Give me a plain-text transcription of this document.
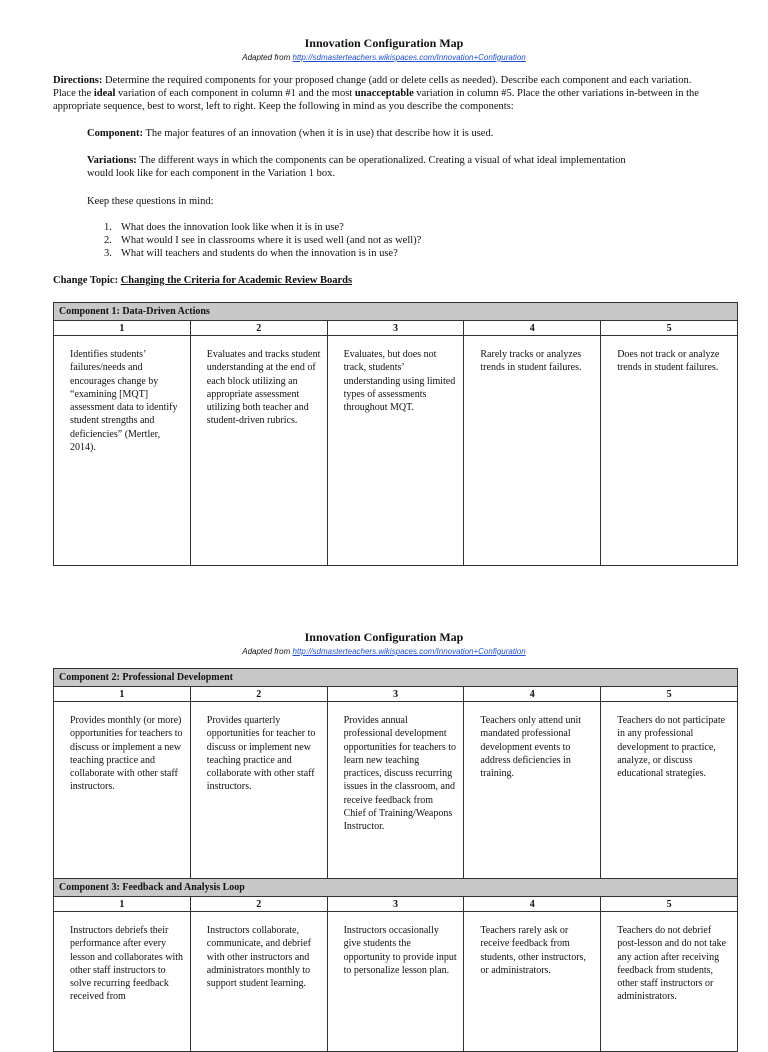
Innovation Configuration Map

Adapted from http://sdmasterteachers.wikispaces.com/Innovation+Configuration
Directions: Determine the required components for your proposed change (add or delete cells as needed). Describe each component and each variation. Place the ideal variation of each component in column #1 and the most unacceptable variation in column #5. Place the other variations in-between in the appropriate sequence, best to worst, left to right. Keep the following in mind as you describe the components:
Component: The major features of an innovation (when it is in use) that describe how it is used.
Variations: The different ways in which the components can be operationalized. Creating a visual of what ideal implementation would look like for each component in the Variation 1 box.
Keep these questions in mind:
1. What does the innovation look like when it is in use?
2. What would I see in classrooms where it is used well (and not as well)?
3. What will teachers and students do when the innovation is in use?
Change Topic: Changing the Criteria for Academic Review Boards
Component 1: Data-Driven Actions				
1	2	3	4	5
Identifies students’ failures/needs and encourages change by “examining [MQT] assessment data to identify student strengths and deficiencies” (Mertler, 2014).	Evaluates and tracks student understanding at the end of each block utilizing an appropriate assessment utilizing both teacher and student-driven rubrics.	Evaluates, but does not track, students’ understanding using limited types of assessments throughout MQT.	Rarely tracks or analyzes trends in student failures.	Does not track or analyze trends in student failures.

Innovation Configuration Map

Adapted from http://sdmasterteachers.wikispaces.com/Innovation+Configuration
Component 2: Professional Development				
1	2	3	4	5
Provides monthly (or more) opportunities for teachers to discuss or implement a new teaching practice and collaborate with other staff instructors.	Provides quarterly opportunities for teacher to discuss or implement new teaching practice and collaborate with other staff instructors.	Provides annual professional development opportunities for teachers to learn new teaching practices, discuss recurring issues in the classroom, and receive feedback from Chief of Training/Weapons Instructor.	Teachers only attend unit mandated professional development events to address deficiencies in training.	Teachers do not participate in any professional development to practice, analyze, or discuss educational strategies.
Component 3: Feedback and Analysis Loop				
1	2	3	4	5
Instructors debriefs their performance after every lesson and collaborates with other staff instructors to solve recurring feedback received from	Instructors collaborate, communicate, and debrief with other instructors and administrators monthly to support student learning.	Instructors occasionally give students the opportunity to provide input to personalize lesson plan.	Teachers rarely ask or receive feedback from students, other instructors, or administrators.	Teachers do not debrief post-lesson and do not take any action after receiving feedback from students, other staff instructors or administrators.
